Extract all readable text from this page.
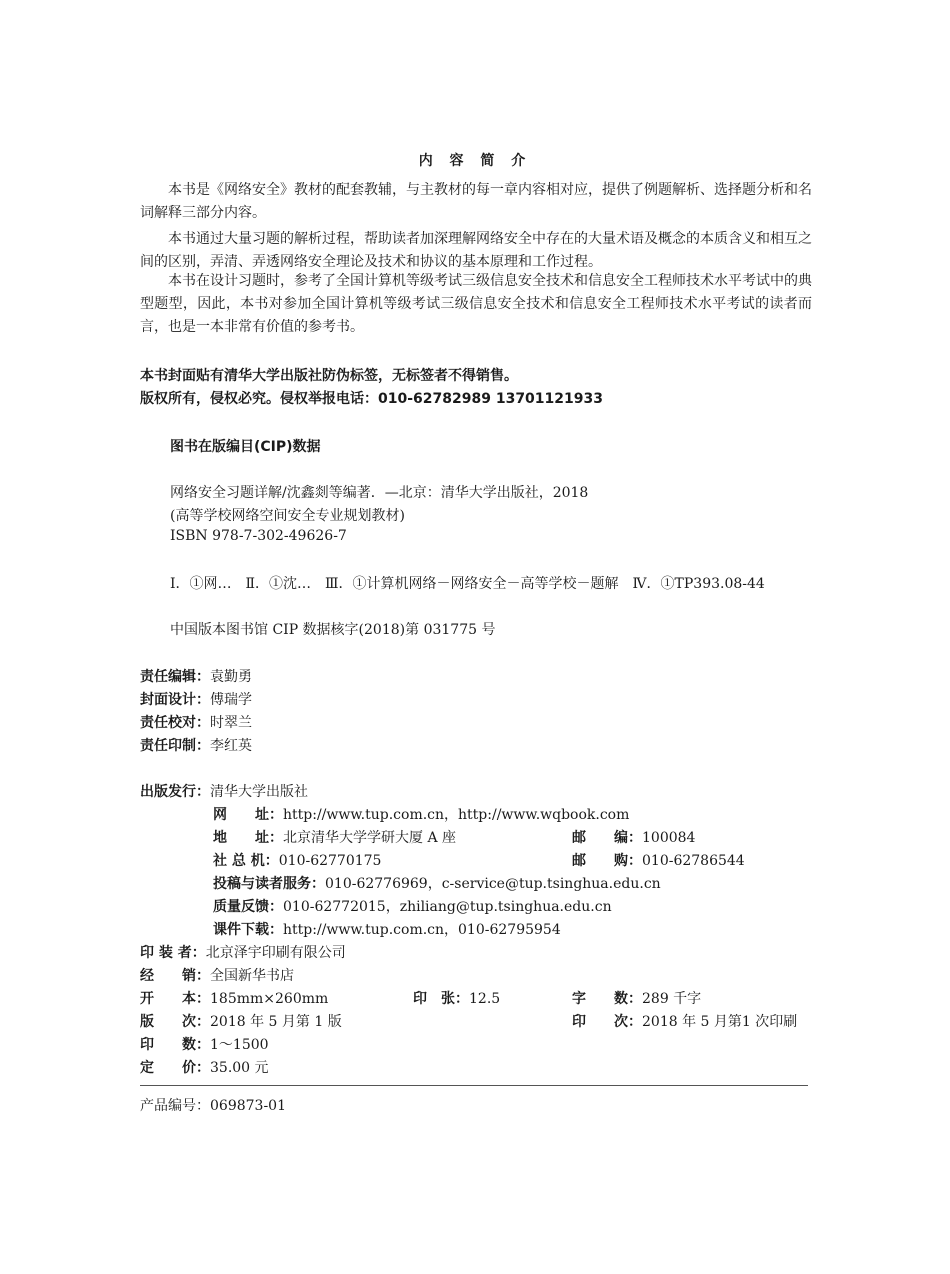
内 容 简 介
本书是《网络安全》教材的配套教辅，与主教材的每一章内容相对应，提供了例题解析、选择题分析和名词解释三部分内容。
本书通过大量习题的解析过程，帮助读者加深理解网络安全中存在的大量术语及概念的本质含义和相互之间的区别，弄清、弄透网络安全理论及技术和协议的基本原理和工作过程。
本书在设计习题时，参考了全国计算机等级考试三级信息安全技术和信息安全工程师技术水平考试中的典型题型，因此，本书对参加全国计算机等级考试三级信息安全技术和信息安全工程师技术水平考试的读者而言，也是一本非常有价值的参考书。
本书封面贴有清华大学出版社防伪标签，无标签者不得销售。
版权所有，侵权必究。侵权举报电话：010-62782989 13701121933
图书在版编目(CIP)数据
网络安全习题详解/沈鑫剡等编著．—北京：清华大学出版社，2018
(高等学校网络空间安全专业规划教材)
ISBN 978-7-302-49626-7
Ⅰ．①网…　Ⅱ．①沈…　Ⅲ．①计算机网络－网络安全－高等学校－题解　Ⅳ．①TP393.08-44
中国版本图书馆 CIP 数据核字(2018)第 031775 号
责任编辑：袁勤勇
封面设计：傅瑞学
责任校对：时翠兰
责任印制：李红英
出版发行：清华大学出版社
网　　址：http://www.tup.com.cn，http://www.wqbook.com
地　　址：北京清华大学学研大厦 A 座	邮　　编：100084
社 总 机：010-62770175	邮　　购：010-62786544
投稿与读者服务：010-62776969，c-service@tup.tsinghua.edu.cn
质量反馈：010-62772015，zhiliang@tup.tsinghua.edu.cn
课件下载：http://www.tup.com.cn，010-62795954
印 装 者：北京泽宇印刷有限公司
经　　销：全国新华书店
开　　本：185mm×260mm	印　张：12.5	字　　数：289 千字
版　　次：2018 年 5 月第 1 版	印　　次：2018 年 5 月第1 次印刷
印　　数：1～1500
定　　价：35.00 元
产品编号：069873-01
